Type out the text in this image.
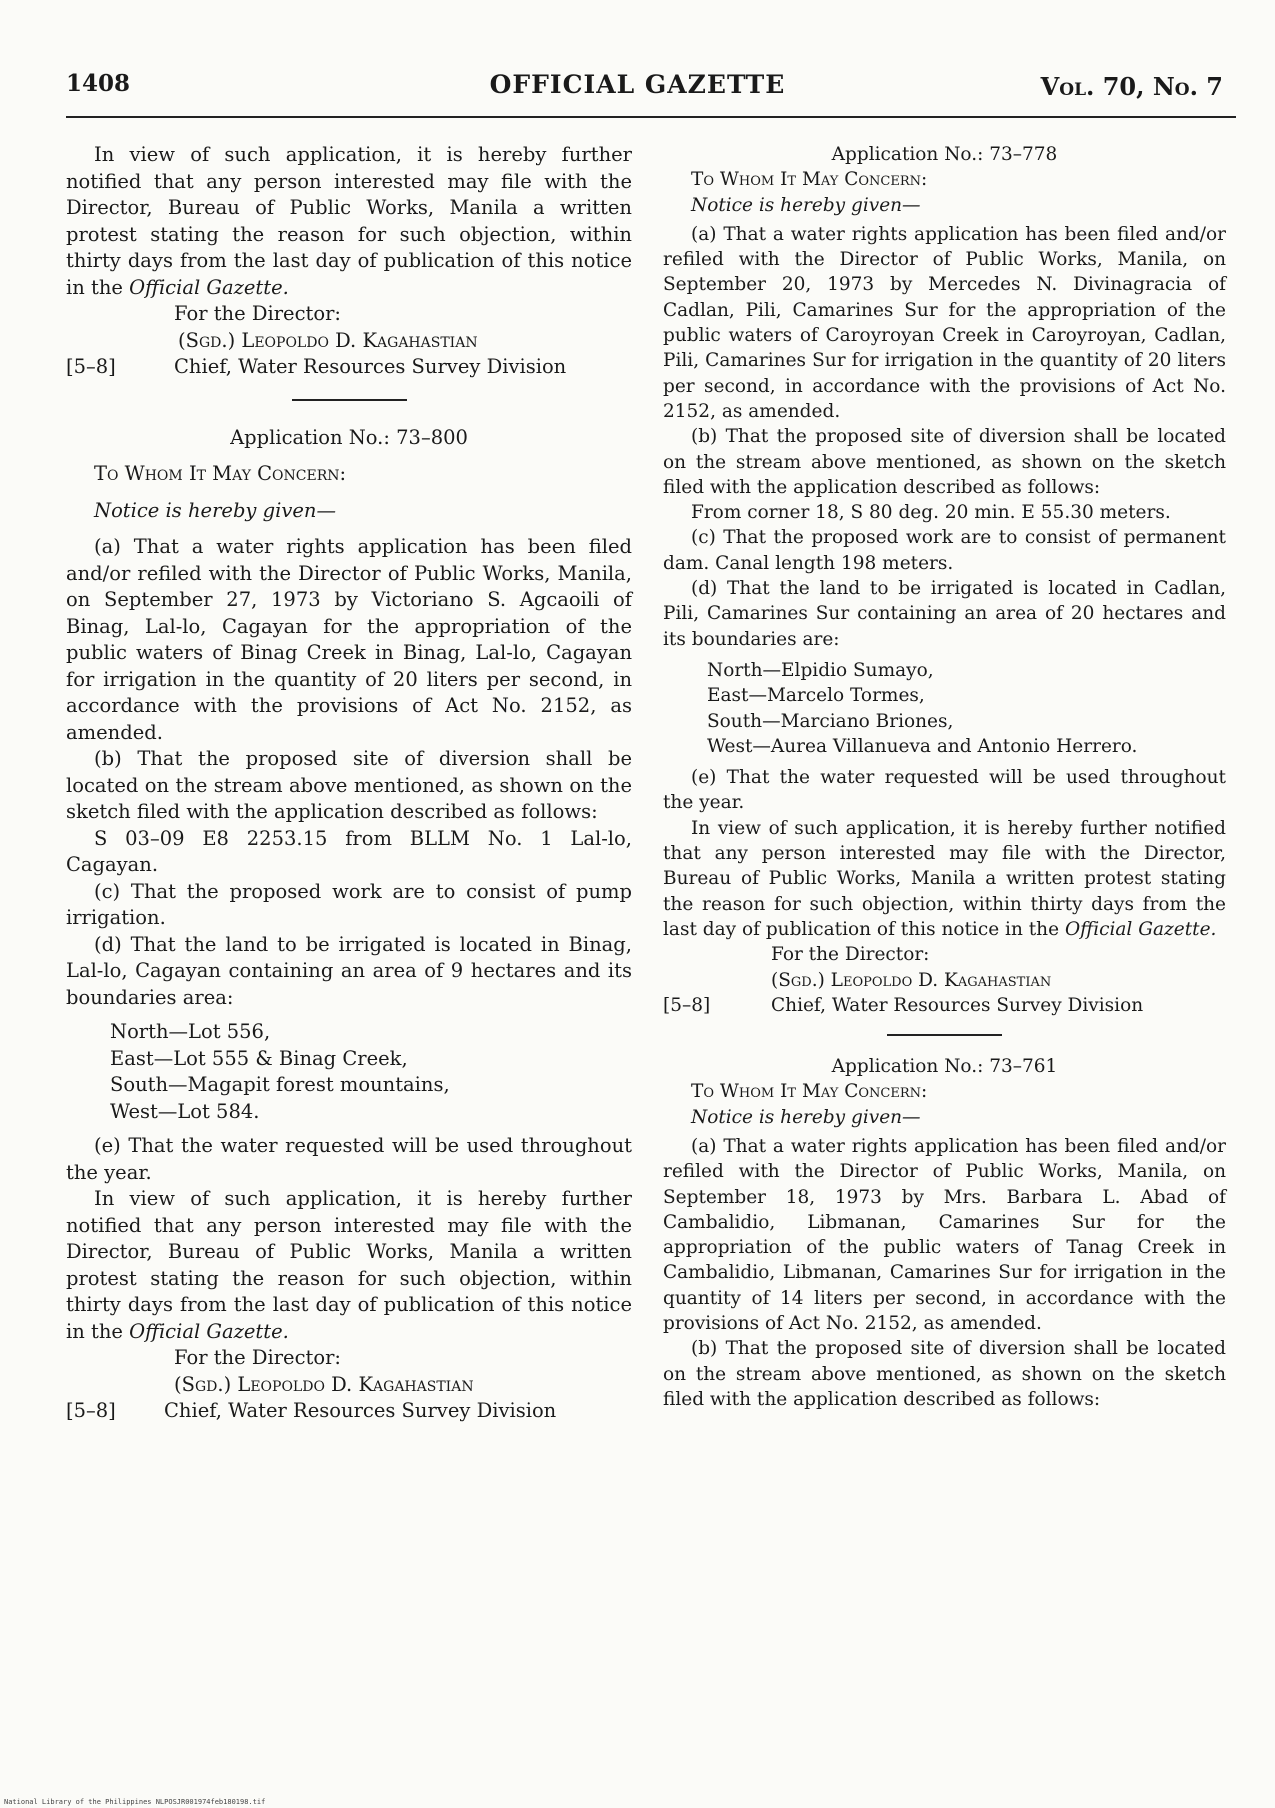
1408	OFFICIAL GAZETTE	Vol. 70, No. 7

In view of such application, it is hereby further notified that any person interested may file with the Director, Bureau of Public Works, Manila a written protest stating the reason for such objection, within thirty days from the last day of publication of this notice in the Official Gazette.

For the Director:

(Sgd.) Leopoldo D. Kagahastian
[5–8]	Chief, Water Resources Survey Division

Application No.: 73–800

To Whom It May Concern:

Notice is hereby given—

(a) That a water rights application has been filed and/or refiled with the Director of Public Works, Manila, on September 27, 1973 by Victoriano S. Agcaoili of Binag, Lal-lo, Cagayan for the appropriation of the public waters of Binag Creek in Binag, Lal-lo, Cagayan for irrigation in the quantity of 20 liters per second, in accordance with the provisions of Act No. 2152, as amended.

(b) That the proposed site of diversion shall be located on the stream above mentioned, as shown on the sketch filed with the application described as follows:

S 03–09 E8 2253.15 from BLLM No. 1 Lal-lo, Cagayan.

(c) That the proposed work are to consist of pump irrigation.

(d) That the land to be irrigated is located in Binag, Lal-lo, Cagayan containing an area of 9 hectares and its boundaries area:

North—Lot 556,
East—Lot 555 & Binag Creek,
South—Magapit forest mountains,
West—Lot 584.

(e) That the water requested will be used throughout the year.

In view of such application, it is hereby further notified that any person interested may file with the Director, Bureau of Public Works, Manila a written protest stating the reason for such objection, within thirty days from the last day of publication of this notice in the Official Gazette.

For the Director:

(Sgd.) Leopoldo D. Kagahastian
[5–8]	Chief, Water Resources Survey Division

Application No.: 73–778

To Whom It May Concern:

Notice is hereby given—

(a) That a water rights application has been filed and/or refiled with the Director of Public Works, Manila, on September 20, 1973 by Mercedes N. Divinagracia of Cadlan, Pili, Camarines Sur for the appropriation of the public waters of Caroyroyan Creek in Caroyroyan, Cadlan, Pili, Camarines Sur for irrigation in the quantity of 20 liters per second, in accordance with the provisions of Act No. 2152, as amended.

(b) That the proposed site of diversion shall be located on the stream above mentioned, as shown on the sketch filed with the application described as follows:

From corner 18, S 80 deg. 20 min. E 55.30 meters.

(c) That the proposed work are to consist of permanent dam. Canal length 198 meters.

(d) That the land to be irrigated is located in Cadlan, Pili, Camarines Sur containing an area of 20 hectares and its boundaries are:

North—Elpidio Sumayo,
East—Marcelo Tormes,
South—Marciano Briones,
West—Aurea Villanueva and Antonio Herrero.

(e) That the water requested will be used throughout the year.

In view of such application, it is hereby further notified that any person interested may file with the Director, Bureau of Public Works, Manila a written protest stating the reason for such objection, within thirty days from the last day of publication of this notice in the Official Gazette.

For the Director:

(Sgd.) Leopoldo D. Kagahastian
[5–8]	Chief, Water Resources Survey Division

Application No.: 73–761

To Whom It May Concern:

Notice is hereby given—

(a) That a water rights application has been filed and/or refiled with the Director of Public Works, Manila, on September 18, 1973 by Mrs. Barbara L. Abad of Cambalidio, Libmanan, Camarines Sur for the appropriation of the public waters of Tanag Creek in Cambalidio, Libmanan, Camarines Sur for irrigation in the quantity of 14 liters per second, in accordance with the provisions of Act No. 2152, as amended.

(b) That the proposed site of diversion shall be located on the stream above mentioned, as shown on the sketch filed with the application described as follows:

National Library of the Philippines NLPOSJR001974feb180198.tif
